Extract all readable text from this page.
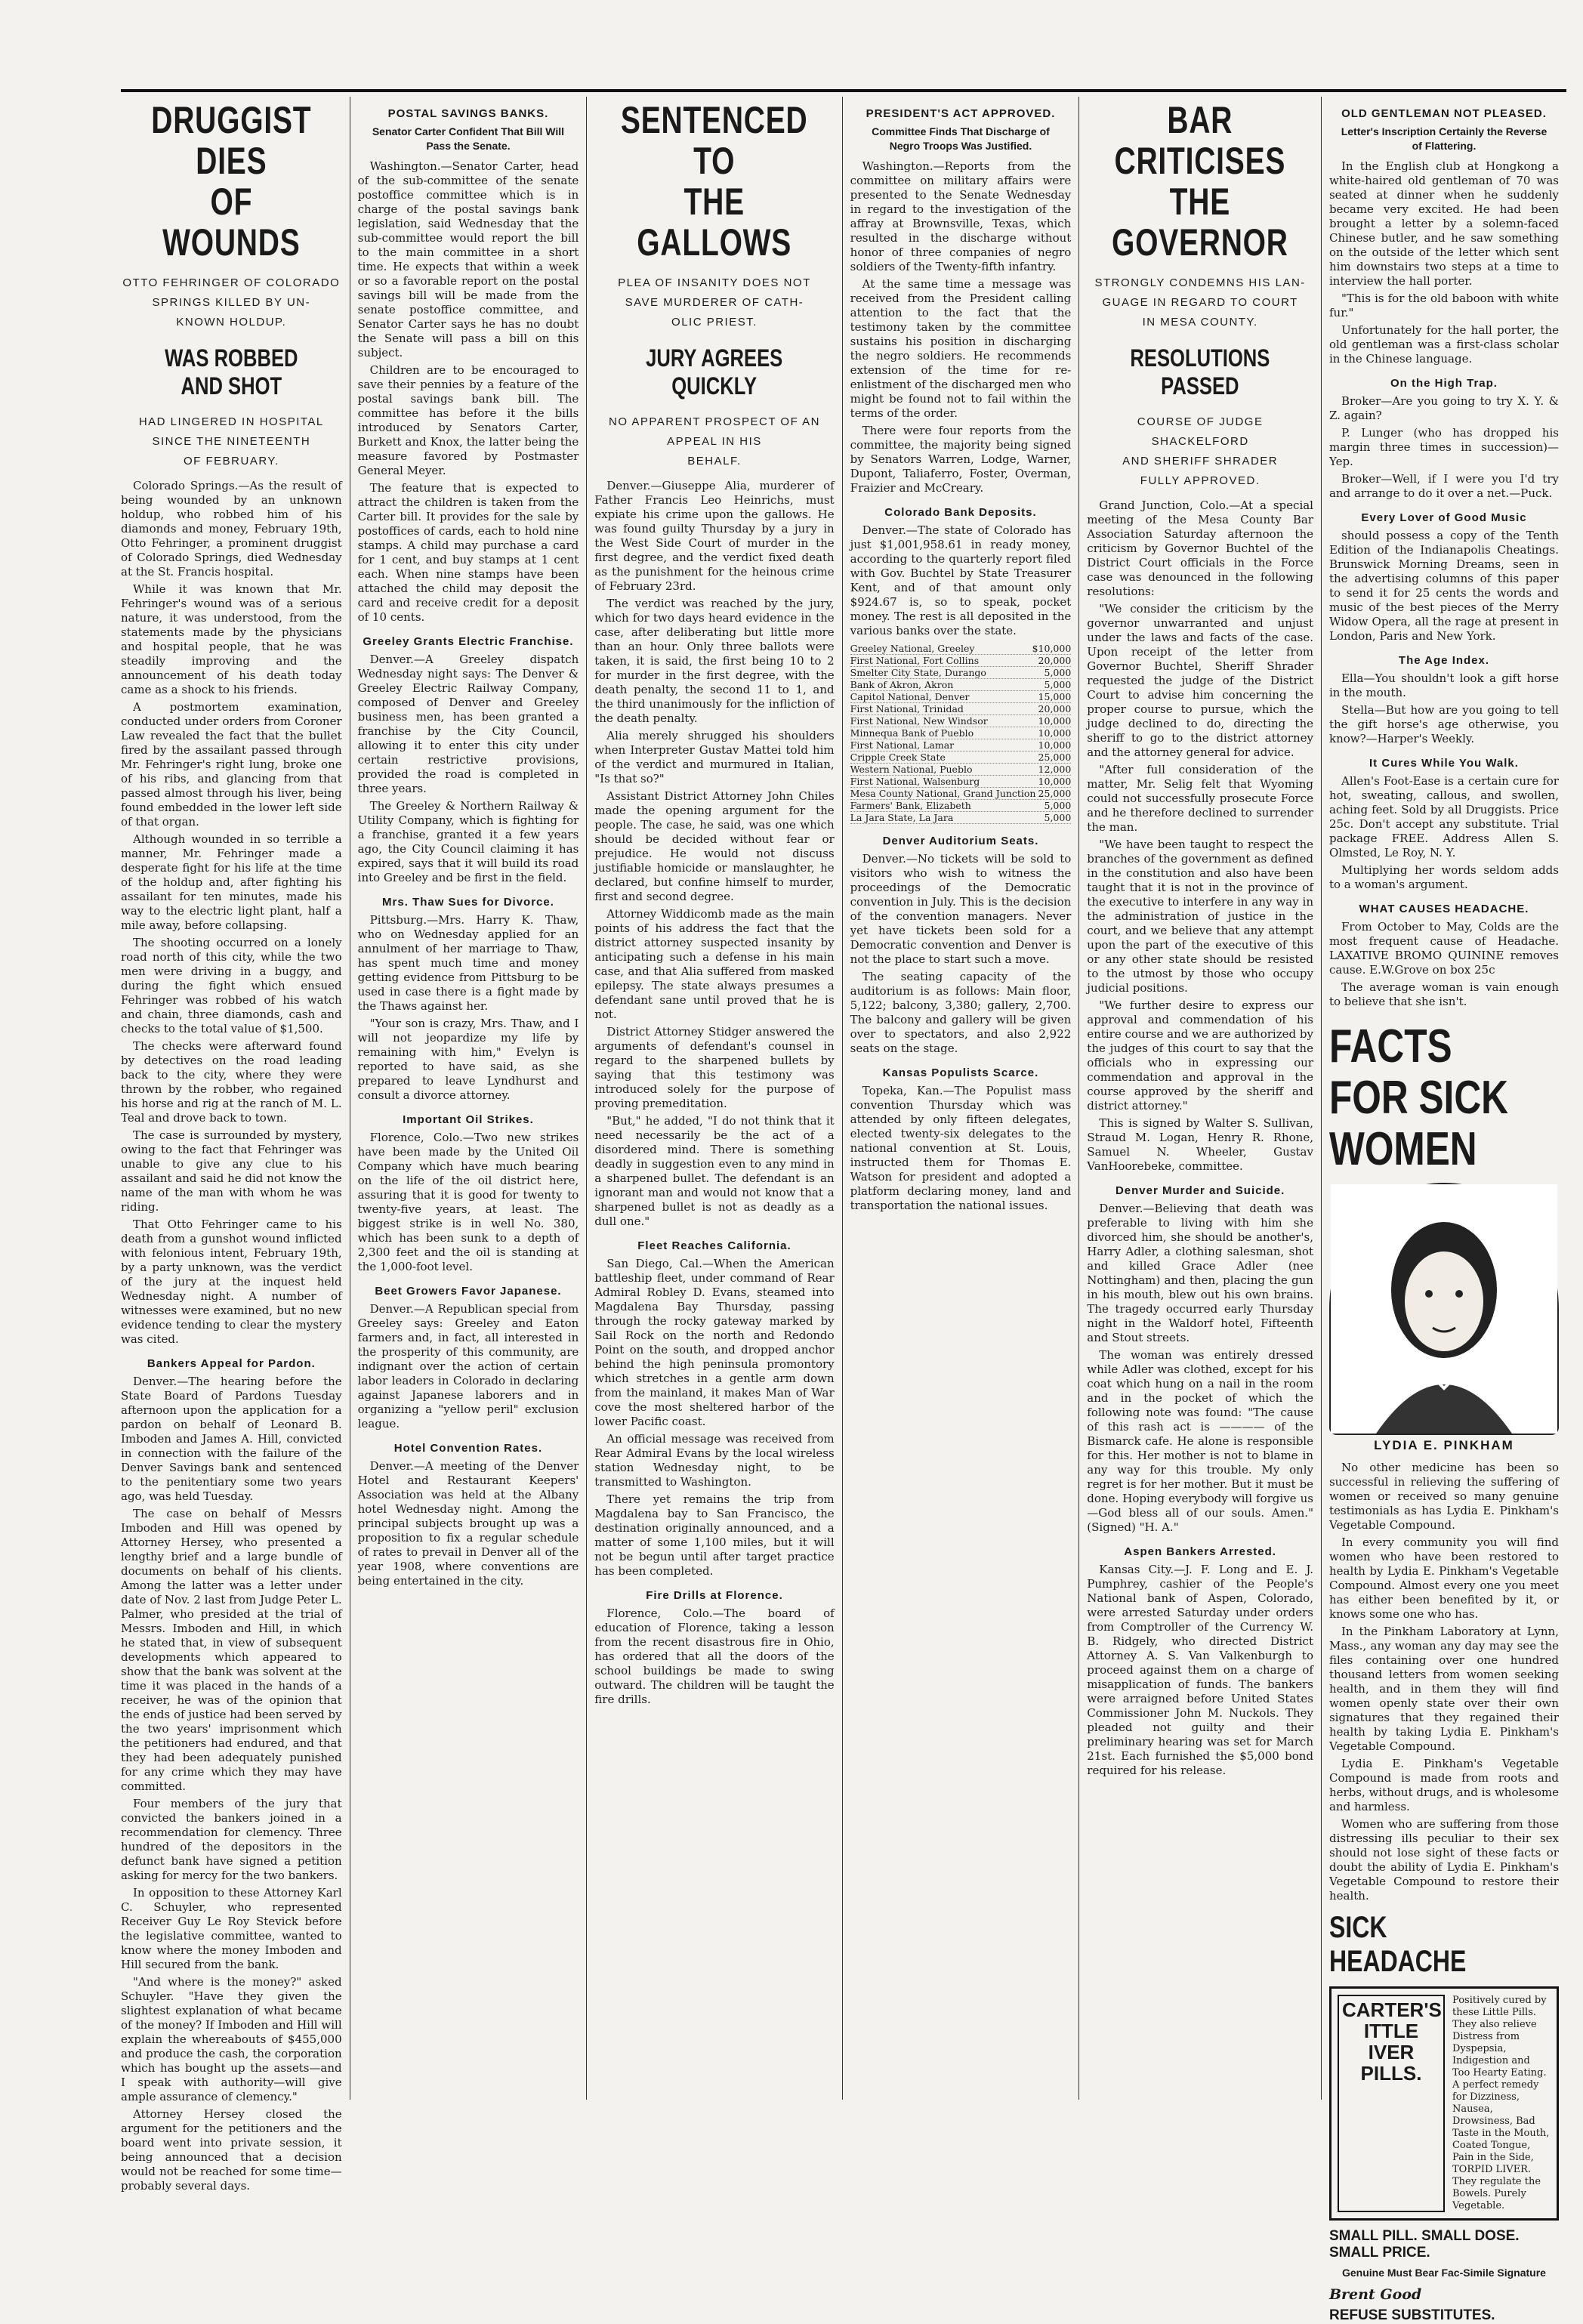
DRUGGIST DIES
OF WOUNDS
OTTO FEHRINGER OF COLORADO
SPRINGS KILLED BY UN-
KNOWN HOLDUP.
WAS ROBBED AND SHOT
HAD LINGERED IN HOSPITAL
SINCE THE NINETEENTH
OF FEBRUARY.

Colorado Springs.—As the result of being wounded by an unknown holdup, who robbed him of his diamonds and money, February 19th, Otto Fehringer, a prominent druggist of Colorado Springs, died Wednesday at the St. Francis hospital.

While it was known that Mr. Fehringer's wound was of a serious nature, it was understood, from the statements made by the physicians and hospital people, that he was steadily improving and the announcement of his death today came as a shock to his friends.

A postmortem examination, conducted under orders from Coroner Law revealed the fact that the bullet fired by the assailant passed through Mr. Fehringer's right lung, broke one of his ribs, and glancing from that passed almost through his liver, being found embedded in the lower left side of that organ.

Although wounded in so terrible a manner, Mr. Fehringer made a desperate fight for his life at the time of the holdup and, after fighting his assailant for ten minutes, made his way to the electric light plant, half a mile away, before collapsing.

The shooting occurred on a lonely road north of this city, while the two men were driving in a buggy, and during the fight which ensued Fehringer was robbed of his watch and chain, three diamonds, cash and checks to the total value of $1,500.

The checks were afterward found by detectives on the road leading back to the city, where they were thrown by the robber, who regained his horse and rig at the ranch of M. L. Teal and drove back to town.

The case is surrounded by mystery, owing to the fact that Fehringer was unable to give any clue to his assailant and said he did not know the name of the man with whom he was riding.

That Otto Fehringer came to his death from a gunshot wound inflicted with felonious intent, February 19th, by a party unknown, was the verdict of the jury at the inquest held Wednesday night. A number of witnesses were examined, but no new evidence tending to clear the mystery was cited.

Bankers Appeal for Pardon.

Denver.—The hearing before the State Board of Pardons Tuesday afternoon upon the application for a pardon on behalf of Leonard B. Imboden and James A. Hill, convicted in connection with the failure of the Denver Savings bank and sentenced to the penitentiary some two years ago, was held Tuesday.

The case on behalf of Messrs Imboden and Hill was opened by Attorney Hersey, who presented a lengthy brief and a large bundle of documents on behalf of his clients. Among the latter was a letter under date of Nov. 2 last from Judge Peter L. Palmer, who presided at the trial of Messrs. Imboden and Hill, in which he stated that, in view of subsequent developments which appeared to show that the bank was solvent at the time it was placed in the hands of a receiver, he was of the opinion that the ends of justice had been served by the two years' imprisonment which the petitioners had endured, and that they had been adequately punished for any crime which they may have committed.

Four members of the jury that convicted the bankers joined in a recommendation for clemency. Three hundred of the depositors in the defunct bank have signed a petition asking for mercy for the two bankers.

In opposition to these Attorney Karl C. Schuyler, who represented Receiver Guy Le Roy Stevick before the legislative committee, wanted to know where the money Imboden and Hill secured from the bank.

"And where is the money?" asked Schuyler. "Have they given the slightest explanation of what became of the money? If Imboden and Hill will explain the whereabouts of $455,000 and produce the cash, the corporation which has bought up the assets—and I speak with authority—will give ample assurance of clemency."

Attorney Hersey closed the argument for the petitioners and the board went into private session, it being announced that a decision would not be reached for some time—probably several days.

POSTAL SAVINGS BANKS.
Senator Carter Confident That Bill Will Pass the Senate.

Washington.—Senator Carter, head of the sub-committee of the senate postoffice committee which is in charge of the postal savings bank legislation, said Wednesday that the sub-committee would report the bill to the main committee in a short time. He expects that within a week or so a favorable report on the postal savings bill will be made from the senate postoffice committee, and Senator Carter says he has no doubt the Senate will pass a bill on this subject.

Children are to be encouraged to save their pennies by a feature of the postal savings bank bill. The committee has before it the bills introduced by Senators Carter, Burkett and Knox, the latter being the measure favored by Postmaster General Meyer.

The feature that is expected to attract the children is taken from the Carter bill. It provides for the sale by postoffices of cards, each to hold nine stamps. A child may purchase a card for 1 cent, and buy stamps at 1 cent each. When nine stamps have been attached the child may deposit the card and receive credit for a deposit of 10 cents.

Greeley Grants Electric Franchise.

Denver.—A Greeley dispatch Wednesday night says: The Denver & Greeley Electric Railway Company, composed of Denver and Greeley business men, has been granted a franchise by the City Council, allowing it to enter this city under certain restrictive provisions, provided the road is completed in three years.

The Greeley & Northern Railway & Utility Company, which is fighting for a franchise, granted it a few years ago, the City Council claiming it has expired, says that it will build its road into Greeley and be first in the field.

Mrs. Thaw Sues for Divorce.

Pittsburg.—Mrs. Harry K. Thaw, who on Wednesday applied for an annulment of her marriage to Thaw, has spent much time and money getting evidence from Pittsburg to be used in case there is a fight made by the Thaws against her.

"Your son is crazy, Mrs. Thaw, and I will not jeopardize my life by remaining with him," Evelyn is reported to have said, as she prepared to leave Lyndhurst and consult a divorce attorney.

Important Oil Strikes.

Florence, Colo.—Two new strikes have been made by the United Oil Company which have much bearing on the life of the oil district here, assuring that it is good for twenty to twenty-five years, at least. The biggest strike is in well No. 380, which has been sunk to a depth of 2,300 feet and the oil is standing at the 1,000-foot level.

Beet Growers Favor Japanese.

Denver.—A Republican special from Greeley says: Greeley and Eaton farmers and, in fact, all interested in the prosperity of this community, are indignant over the action of certain labor leaders in Colorado in declaring against Japanese laborers and in organizing a "yellow peril" exclusion league.

Hotel Convention Rates.

Denver.—A meeting of the Denver Hotel and Restaurant Keepers' Association was held at the Albany hotel Wednesday night. Among the principal subjects brought up was a proposition to fix a regular schedule of rates to prevail in Denver all of the year 1908, where conventions are being entertained in the city.

SENTENCED TO
THE GALLOWS
PLEA OF INSANITY DOES NOT
SAVE MURDERER OF CATH-
OLIC PRIEST.
JURY AGREES QUICKLY
NO APPARENT PROSPECT OF AN
APPEAL IN HIS
BEHALF.

Denver.—Giuseppe Alia, murderer of Father Francis Leo Heinrichs, must expiate his crime upon the gallows. He was found guilty Thursday by a jury in the West Side Court of murder in the first degree, and the verdict fixed death as the punishment for the heinous crime of February 23rd.

The verdict was reached by the jury, which for two days heard evidence in the case, after deliberating but little more than an hour. Only three ballots were taken, it is said, the first being 10 to 2 for murder in the first degree, with the death penalty, the second 11 to 1, and the third unanimously for the infliction of the death penalty.

Alia merely shrugged his shoulders when Interpreter Gustav Mattei told him of the verdict and murmured in Italian, "Is that so?"

Assistant District Attorney John Chiles made the opening argument for the people. The case, he said, was one which should be decided without fear or prejudice. He would not discuss justifiable homicide or manslaughter, he declared, but confine himself to murder, first and second degree.

Attorney Widdicomb made as the main points of his address the fact that the district attorney suspected insanity by anticipating such a defense in his main case, and that Alia suffered from masked epilepsy. The state always presumes a defendant sane until proved that he is not.

District Attorney Stidger answered the arguments of defendant's counsel in regard to the sharpened bullets by saying that this testimony was introduced solely for the purpose of proving premeditation.

"But," he added, "I do not think that it need necessarily be the act of a disordered mind. There is something deadly in suggestion even to any mind in a sharpened bullet. The defendant is an ignorant man and would not know that a sharpened bullet is not as deadly as a dull one."

Fleet Reaches California.

San Diego, Cal.—When the American battleship fleet, under command of Rear Admiral Robley D. Evans, steamed into Magdalena Bay Thursday, passing through the rocky gateway marked by Sail Rock on the north and Redondo Point on the south, and dropped anchor behind the high peninsula promontory which stretches in a gentle arm down from the mainland, it makes Man of War cove the most sheltered harbor of the lower Pacific coast.

An official message was received from Rear Admiral Evans by the local wireless station Wednesday night, to be transmitted to Washington.

There yet remains the trip from Magdalena bay to San Francisco, the destination originally announced, and a matter of some 1,100 miles, but it will not be begun until after target practice has been completed.

Fire Drills at Florence.

Florence, Colo.—The board of education of Florence, taking a lesson from the recent disastrous fire in Ohio, has ordered that all the doors of the school buildings be made to swing outward. The children will be taught the fire drills.

PRESIDENT'S ACT APPROVED.
Committee Finds That Discharge of Negro Troops Was Justified.

Washington.—Reports from the committee on military affairs were presented to the Senate Wednesday in regard to the investigation of the affray at Brownsville, Texas, which resulted in the discharge without honor of three companies of negro soldiers of the Twenty-fifth infantry.

At the same time a message was received from the President calling attention to the fact that the testimony taken by the committee sustains his position in discharging the negro soldiers. He recommends extension of the time for re-enlistment of the discharged men who might be found not to fail within the terms of the order.

There were four reports from the committee, the majority being signed by Senators Warren, Lodge, Warner, Dupont, Taliaferro, Foster, Overman, Fraizier and McCreary.

Colorado Bank Deposits.

Denver.—The state of Colorado has just $1,001,958.61 in ready money, according to the quarterly report filed with Gov. Buchtel by State Treasurer Kent, and of that amount only $924.67 is, so to speak, pocket money. The rest is all deposited in the various banks over the state.

Greeley National, Greeley	$10,000
First National, Fort Collins	20,000
Smelter City State, Durango	5,000
Bank of Akron, Akron	5,000
Capitol National, Denver	15,000
First National, Trinidad	20,000
First National, New Windsor	10,000
Minnequa Bank of Pueblo	10,000
First National, Lamar	10,000
Cripple Creek State	25,000
Western National, Pueblo	12,000
First National, Walsenburg	10,000
Mesa County National, Grand Junction 25,000
Farmers' Bank, Elizabeth	5,000
La Jara State, La Jara	5,000
Denver Auditorium Seats.

Denver.—No tickets will be sold to visitors who wish to witness the proceedings of the Democratic convention in July. This is the decision of the convention managers. Never yet have tickets been sold for a Democratic convention and Denver is not the place to start such a move.

The seating capacity of the auditorium is as follows: Main floor, 5,122; balcony, 3,380; gallery, 2,700. The balcony and gallery will be given over to spectators, and also 2,922 seats on the stage.

Kansas Populists Scarce.

Topeka, Kan.—The Populist mass convention Thursday which was attended by only fifteen delegates, elected twenty-six delegates to the national convention at St. Louis, instructed them for Thomas E. Watson for president and adopted a platform declaring money, land and transportation the national issues.

BAR CRITICISES
THE GOVERNOR
STRONGLY CONDEMNS HIS LAN-
GUAGE IN REGARD TO COURT
IN MESA COUNTY.
RESOLUTIONS PASSED
COURSE OF JUDGE SHACKELFORD
AND SHERIFF SHRADER
FULLY APPROVED.

Grand Junction, Colo.—At a special meeting of the Mesa County Bar Association Saturday afternoon the criticism by Governor Buchtel of the District Court officials in the Force case was denounced in the following resolutions:

"We consider the criticism by the governor unwarranted and unjust under the laws and facts of the case. Upon receipt of the letter from Governor Buchtel, Sheriff Shrader requested the judge of the District Court to advise him concerning the proper course to pursue, which the judge declined to do, directing the sheriff to go to the district attorney and the attorney general for advice.

"After full consideration of the matter, Mr. Selig felt that Wyoming could not successfully prosecute Force and he therefore declined to surrender the man.

"We have been taught to respect the branches of the government as defined in the constitution and also have been taught that it is not in the province of the executive to interfere in any way in the administration of justice in the court, and we believe that any attempt upon the part of the executive of this or any other state should be resisted to the utmost by those who occupy judicial positions.

"We further desire to express our approval and commendation of his entire course and we are authorized by the judges of this court to say that the officials who in expressing our commendation and approval in the course approved by the sheriff and district attorney."

This is signed by Walter S. Sullivan, Straud M. Logan, Henry R. Rhone, Samuel N. Wheeler, Gustav VanHoorebeke, committee.

Denver Murder and Suicide.

Denver.—Believing that death was preferable to living with him she divorced him, she should be another's, Harry Adler, a clothing salesman, shot and killed Grace Adler (nee Nottingham) and then, placing the gun in his mouth, blew out his own brains. The tragedy occurred early Thursday night in the Waldorf hotel, Fifteenth and Stout streets.

The woman was entirely dressed while Adler was clothed, except for his coat which hung on a nail in the room and in the pocket of which the following note was found: "The cause of this rash act is ———— of the Bismarck cafe. He alone is responsible for this. Her mother is not to blame in any way for this trouble. My only regret is for her mother. But it must be done. Hoping everybody will forgive us—God bless all of our souls. Amen." (Signed) "H. A."

Aspen Bankers Arrested.

Kansas City.—J. F. Long and E. J. Pumphrey, cashier of the People's National bank of Aspen, Colorado, were arrested Saturday under orders from Comptroller of the Currency W. B. Ridgely, who directed District Attorney A. S. Van Valkenburgh to proceed against them on a charge of misapplication of funds. The bankers were arraigned before United States Commissioner John M. Nuckols. They pleaded not guilty and their preliminary hearing was set for March 21st. Each furnished the $5,000 bond required for his release.

OLD GENTLEMAN NOT PLEASED.
Letter's Inscription Certainly the Reverse of Flattering.

In the English club at Hongkong a white-haired old gentleman of 70 was seated at dinner when he suddenly became very excited. He had been brought a letter by a solemn-faced Chinese butler, and he saw something on the outside of the letter which sent him downstairs two steps at a time to interview the hall porter.

"This is for the old baboon with white fur."

Unfortunately for the hall porter, the old gentleman was a first-class scholar in the Chinese language.

On the High Trap.

Broker—Are you going to try X. Y. & Z. again?

P. Lunger (who has dropped his margin three times in succession)—Yep.

Broker—Well, if I were you I'd try and arrange to do it over a net.—Puck.

Every Lover of Good Music

should possess a copy of the Tenth Edition of the Indianapolis Cheatings. Brunswick Morning Dreams, seen in the advertising columns of this paper to send it for 25 cents the words and music of the best pieces of the Merry Widow Opera, all the rage at present in London, Paris and New York.

The Age Index.

Ella—You shouldn't look a gift horse in the mouth.

Stella—But how are you going to tell the gift horse's age otherwise, you know?—Harper's Weekly.

It Cures While You Walk.

Allen's Foot-Ease is a certain cure for hot, sweating, callous, and swollen, aching feet. Sold by all Druggists. Price 25c. Don't accept any substitute. Trial package FREE. Address Allen S. Olmsted, Le Roy, N. Y.

Multiplying her words seldom adds to a woman's argument.

WHAT CAUSES HEADACHE.

From October to May, Colds are the most frequent cause of Headache. LAXATIVE BROMO QUININE removes cause. E.W.Grove on box 25c

The average woman is vain enough to believe that she isn't.

FACTS
FOR SICK
WOMEN
LYDIA E. PINKHAM

No other medicine has been so successful in relieving the suffering of women or received so many genuine testimonials as has Lydia E. Pinkham's Vegetable Compound.

In every community you will find women who have been restored to health by Lydia E. Pinkham's Vegetable Compound. Almost every one you meet has either been benefited by it, or knows some one who has.

In the Pinkham Laboratory at Lynn, Mass., any woman any day may see the files containing over one hundred thousand letters from women seeking health, and in them they will find women openly state over their own signatures that they regained their health by taking Lydia E. Pinkham's Vegetable Compound.

Lydia E. Pinkham's Vegetable Compound is made from roots and herbs, without drugs, and is wholesome and harmless.

Women who are suffering from those distressing ills peculiar to their sex should not lose sight of these facts or doubt the ability of Lydia E. Pinkham's Vegetable Compound to restore their health.

SICK HEADACHE
CARTER'S
ITTLE
IVER
PILLS.
Positively cured by these Little Pills. They also relieve Distress from Dyspepsia, Indigestion and Too Hearty Eating. A perfect remedy for Dizziness, Nausea, Drowsiness, Bad Taste in the Mouth, Coated Tongue, Pain in the Side, TORPID LIVER. They regulate the Bowels. Purely Vegetable.
SMALL PILL. SMALL DOSE. SMALL PRICE.
Genuine Must Bear Fac-Simile Signature
Brent Good
REFUSE SUBSTITUTES.
